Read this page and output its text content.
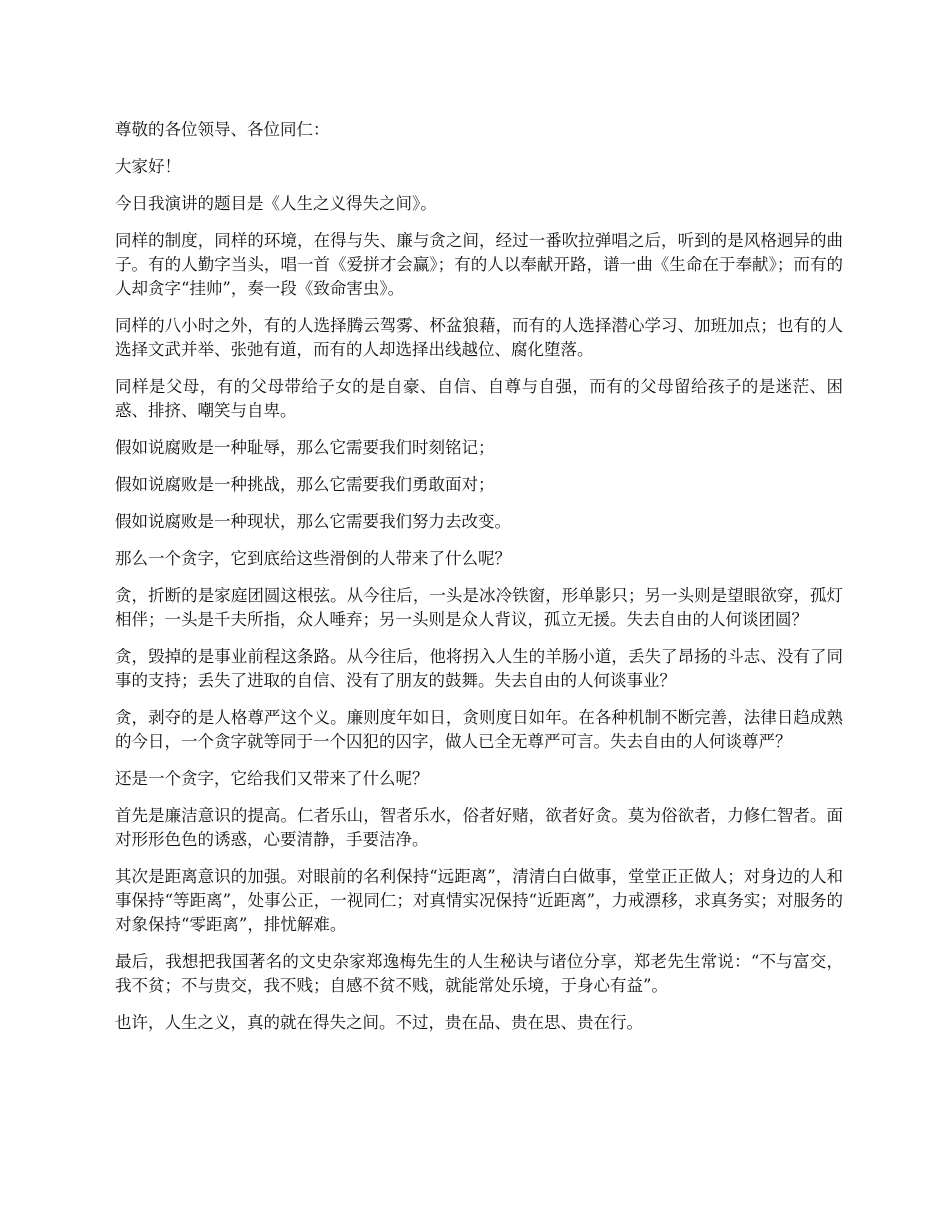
尊敬的各位领导、各位同仁：

大家好！

今日我演讲的题目是《人生之义得失之间》。

同样的制度，同样的环境，在得与失、廉与贪之间，经过一番吹拉弹唱之后，听到的是风格迥异的曲子。有的人勤字当头，唱一首《爱拼才会赢》；有的人以奉献开路，谱一曲《生命在于奉献》；而有的人却贪字“挂帅”，奏一段《致命害虫》。

同样的八小时之外，有的人选择腾云驾雾、杯盆狼藉，而有的人选择潜心学习、加班加点；也有的人选择文武并举、张弛有道，而有的人却选择出线越位、腐化堕落。

同样是父母，有的父母带给子女的是自豪、自信、自尊与自强，而有的父母留给孩子的是迷茫、困惑、排挤、嘲笑与自卑。

假如说腐败是一种耻辱，那么它需要我们时刻铭记；

假如说腐败是一种挑战，那么它需要我们勇敢面对；

假如说腐败是一种现状，那么它需要我们努力去改变。

那么一个贪字，它到底给这些滑倒的人带来了什么呢？

贪，折断的是家庭团圆这根弦。从今往后，一头是冰冷铁窗，形单影只；另一头则是望眼欲穿，孤灯相伴；一头是千夫所指，众人唾弃；另一头则是众人背议，孤立无援。失去自由的人何谈团圆？

贪，毁掉的是事业前程这条路。从今往后，他将拐入人生的羊肠小道，丢失了昂扬的斗志、没有了同事的支持；丢失了进取的自信、没有了朋友的鼓舞。失去自由的人何谈事业？

贪，剥夺的是人格尊严这个义。廉则度年如日，贪则度日如年。在各种机制不断完善，法律日趋成熟的今日，一个贪字就等同于一个囚犯的囚字，做人已全无尊严可言。失去自由的人何谈尊严？

还是一个贪字，它给我们又带来了什么呢？

首先是廉洁意识的提高。仁者乐山，智者乐水，俗者好赌，欲者好贪。莫为俗欲者，力修仁智者。面对形形色色的诱惑，心要清静，手要洁净。

其次是距离意识的加强。对眼前的名利保持“远距离”，清清白白做事，堂堂正正做人；对身边的人和事保持“等距离”，处事公正，一视同仁；对真情实况保持“近距离”，力戒漂移，求真务实；对服务的对象保持“零距离”，排忧解难。

最后，我想把我国著名的文史杂家郑逸梅先生的人生秘诀与诸位分享，郑老先生常说：“不与富交，我不贫；不与贵交，我不贱；自感不贫不贱，就能常处乐境，于身心有益”。

也许，人生之义，真的就在得失之间。不过，贵在品、贵在思、贵在行。
